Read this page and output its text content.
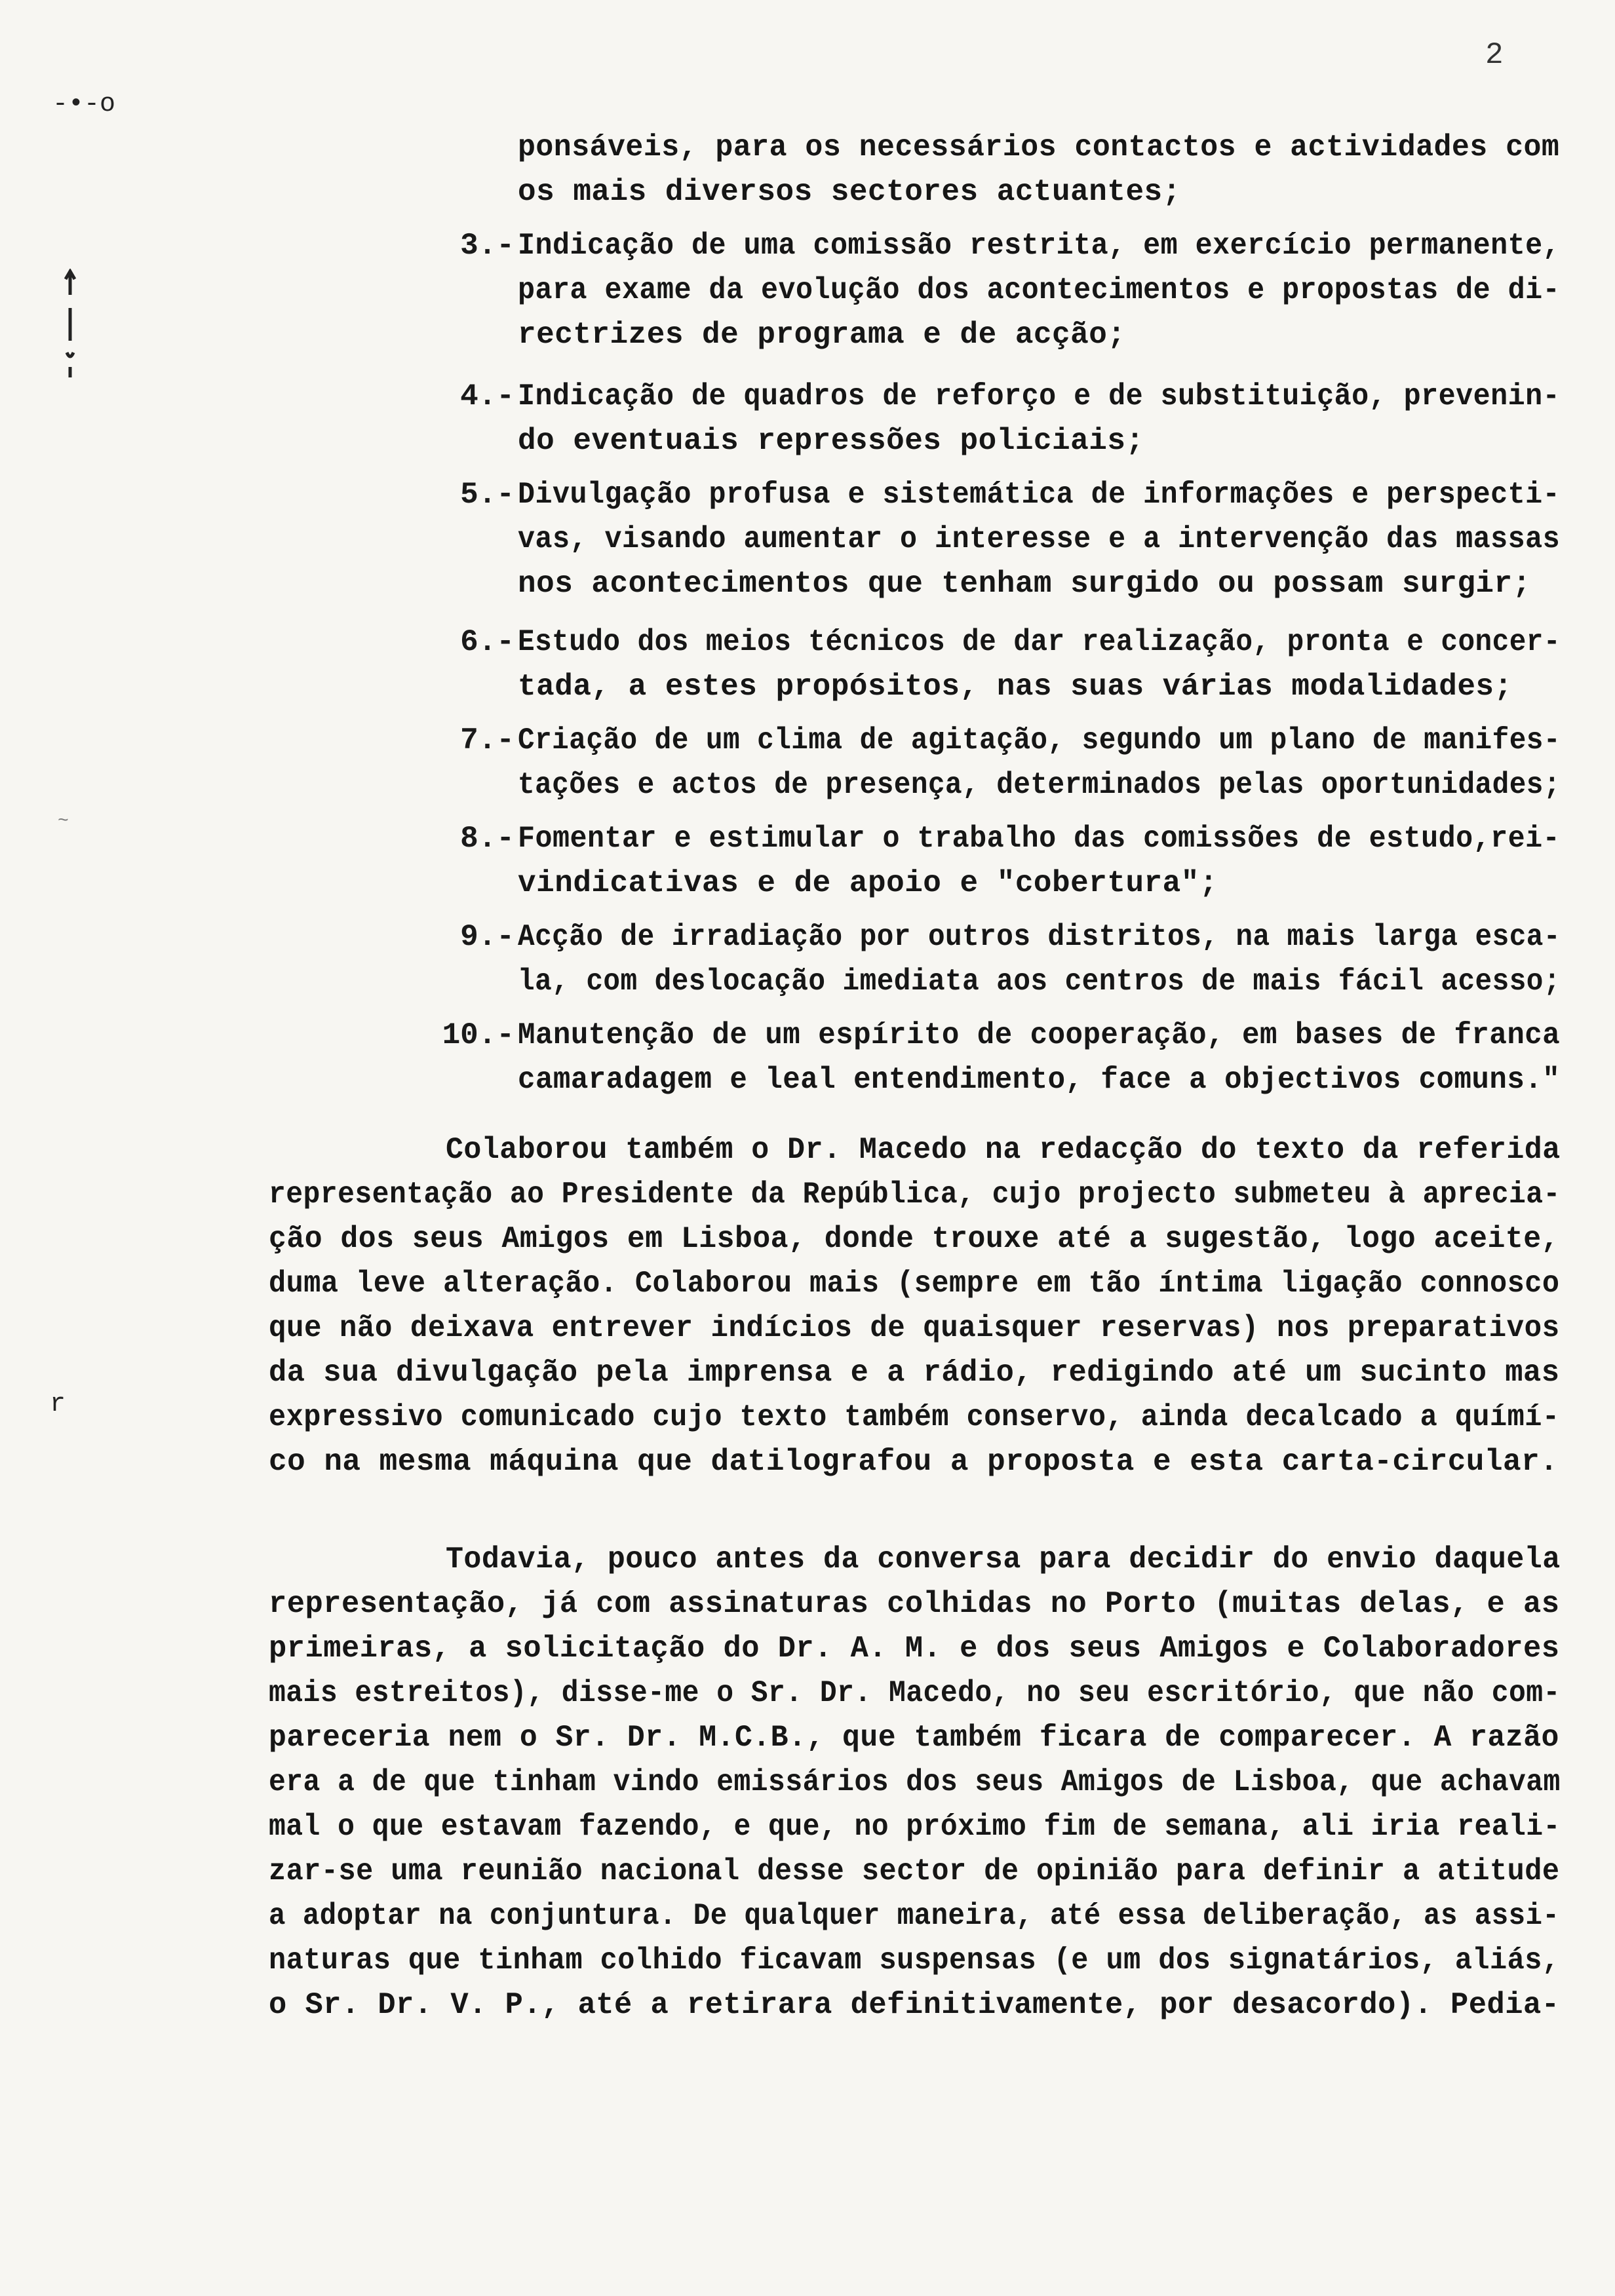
2
-•-o
~
r
ponsáveis, para os necessários contactos e actividades com
os mais diversos sectores actuantes;
3.- Indicação de uma comissão restrita, em exercício permanente,
para exame da evolução dos acontecimentos e propostas de di-
rectrizes de programa e de acção;
4.- Indicação de quadros de reforço e de substituição, prevenin-
do eventuais repressões policiais;
5.- Divulgação profusa e sistemática de informações e perspecti-
vas, visando aumentar o interesse e a intervenção das massas
nos acontecimentos que tenham surgido ou possam surgir;
6.- Estudo dos meios técnicos de dar realização, pronta e concer-
tada, a estes propósitos, nas suas várias modalidades;
7.- Criação de um clima de agitação, segundo um plano de manifes-
tações e actos de presença, determinados pelas oportunidades;
8.- Fomentar e estimular o trabalho das comissões de estudo,rei-
vindicativas e de apoio e "cobertura";
9.- Acção de irradiação por outros distritos, na mais larga esca-
la, com deslocação imediata aos centros de mais fácil acesso;
10.- Manutenção de um espírito de cooperação, em bases de franca
camaradagem e leal entendimento, face a objectivos comuns."
Colaborou também o Dr. Macedo na redacção do texto da referida
representação ao Presidente da República, cujo projecto submeteu à aprecia-
ção dos seus Amigos em Lisboa, donde trouxe até a sugestão, logo aceite,
duma leve alteração. Colaborou mais (sempre em tão íntima ligação connosco
que não deixava entrever indícios de quaisquer reservas) nos preparativos
da sua divulgação pela imprensa e a rádio, redigindo até um sucinto mas
expressivo comunicado cujo texto também conservo, ainda decalcado a químí-
co na mesma máquina que datilografou a proposta e esta carta-circular.
Todavia, pouco antes da conversa para decidir do envio daquela
representação, já com assinaturas colhidas no Porto (muitas delas, e as
primeiras, a solicitação do Dr. A. M. e dos seus Amigos e Colaboradores
mais estreitos), disse-me o Sr. Dr. Macedo, no seu escritório, que não com-
pareceria nem o Sr. Dr. M.C.B., que também ficara de comparecer. A razão
era a de que tinham vindo emissários dos seus Amigos de Lisboa, que achavam
mal o que estavam fazendo, e que, no próximo fim de semana, ali iria reali-
zar-se uma reunião nacional desse sector de opinião para definir a atitude
a adoptar na conjuntura. De qualquer maneira, até essa deliberação, as assi-
naturas que tinham colhido ficavam suspensas (e um dos signatários, aliás,
o Sr. Dr. V. P., até a retirara definitivamente, por desacordo). Pedia-
